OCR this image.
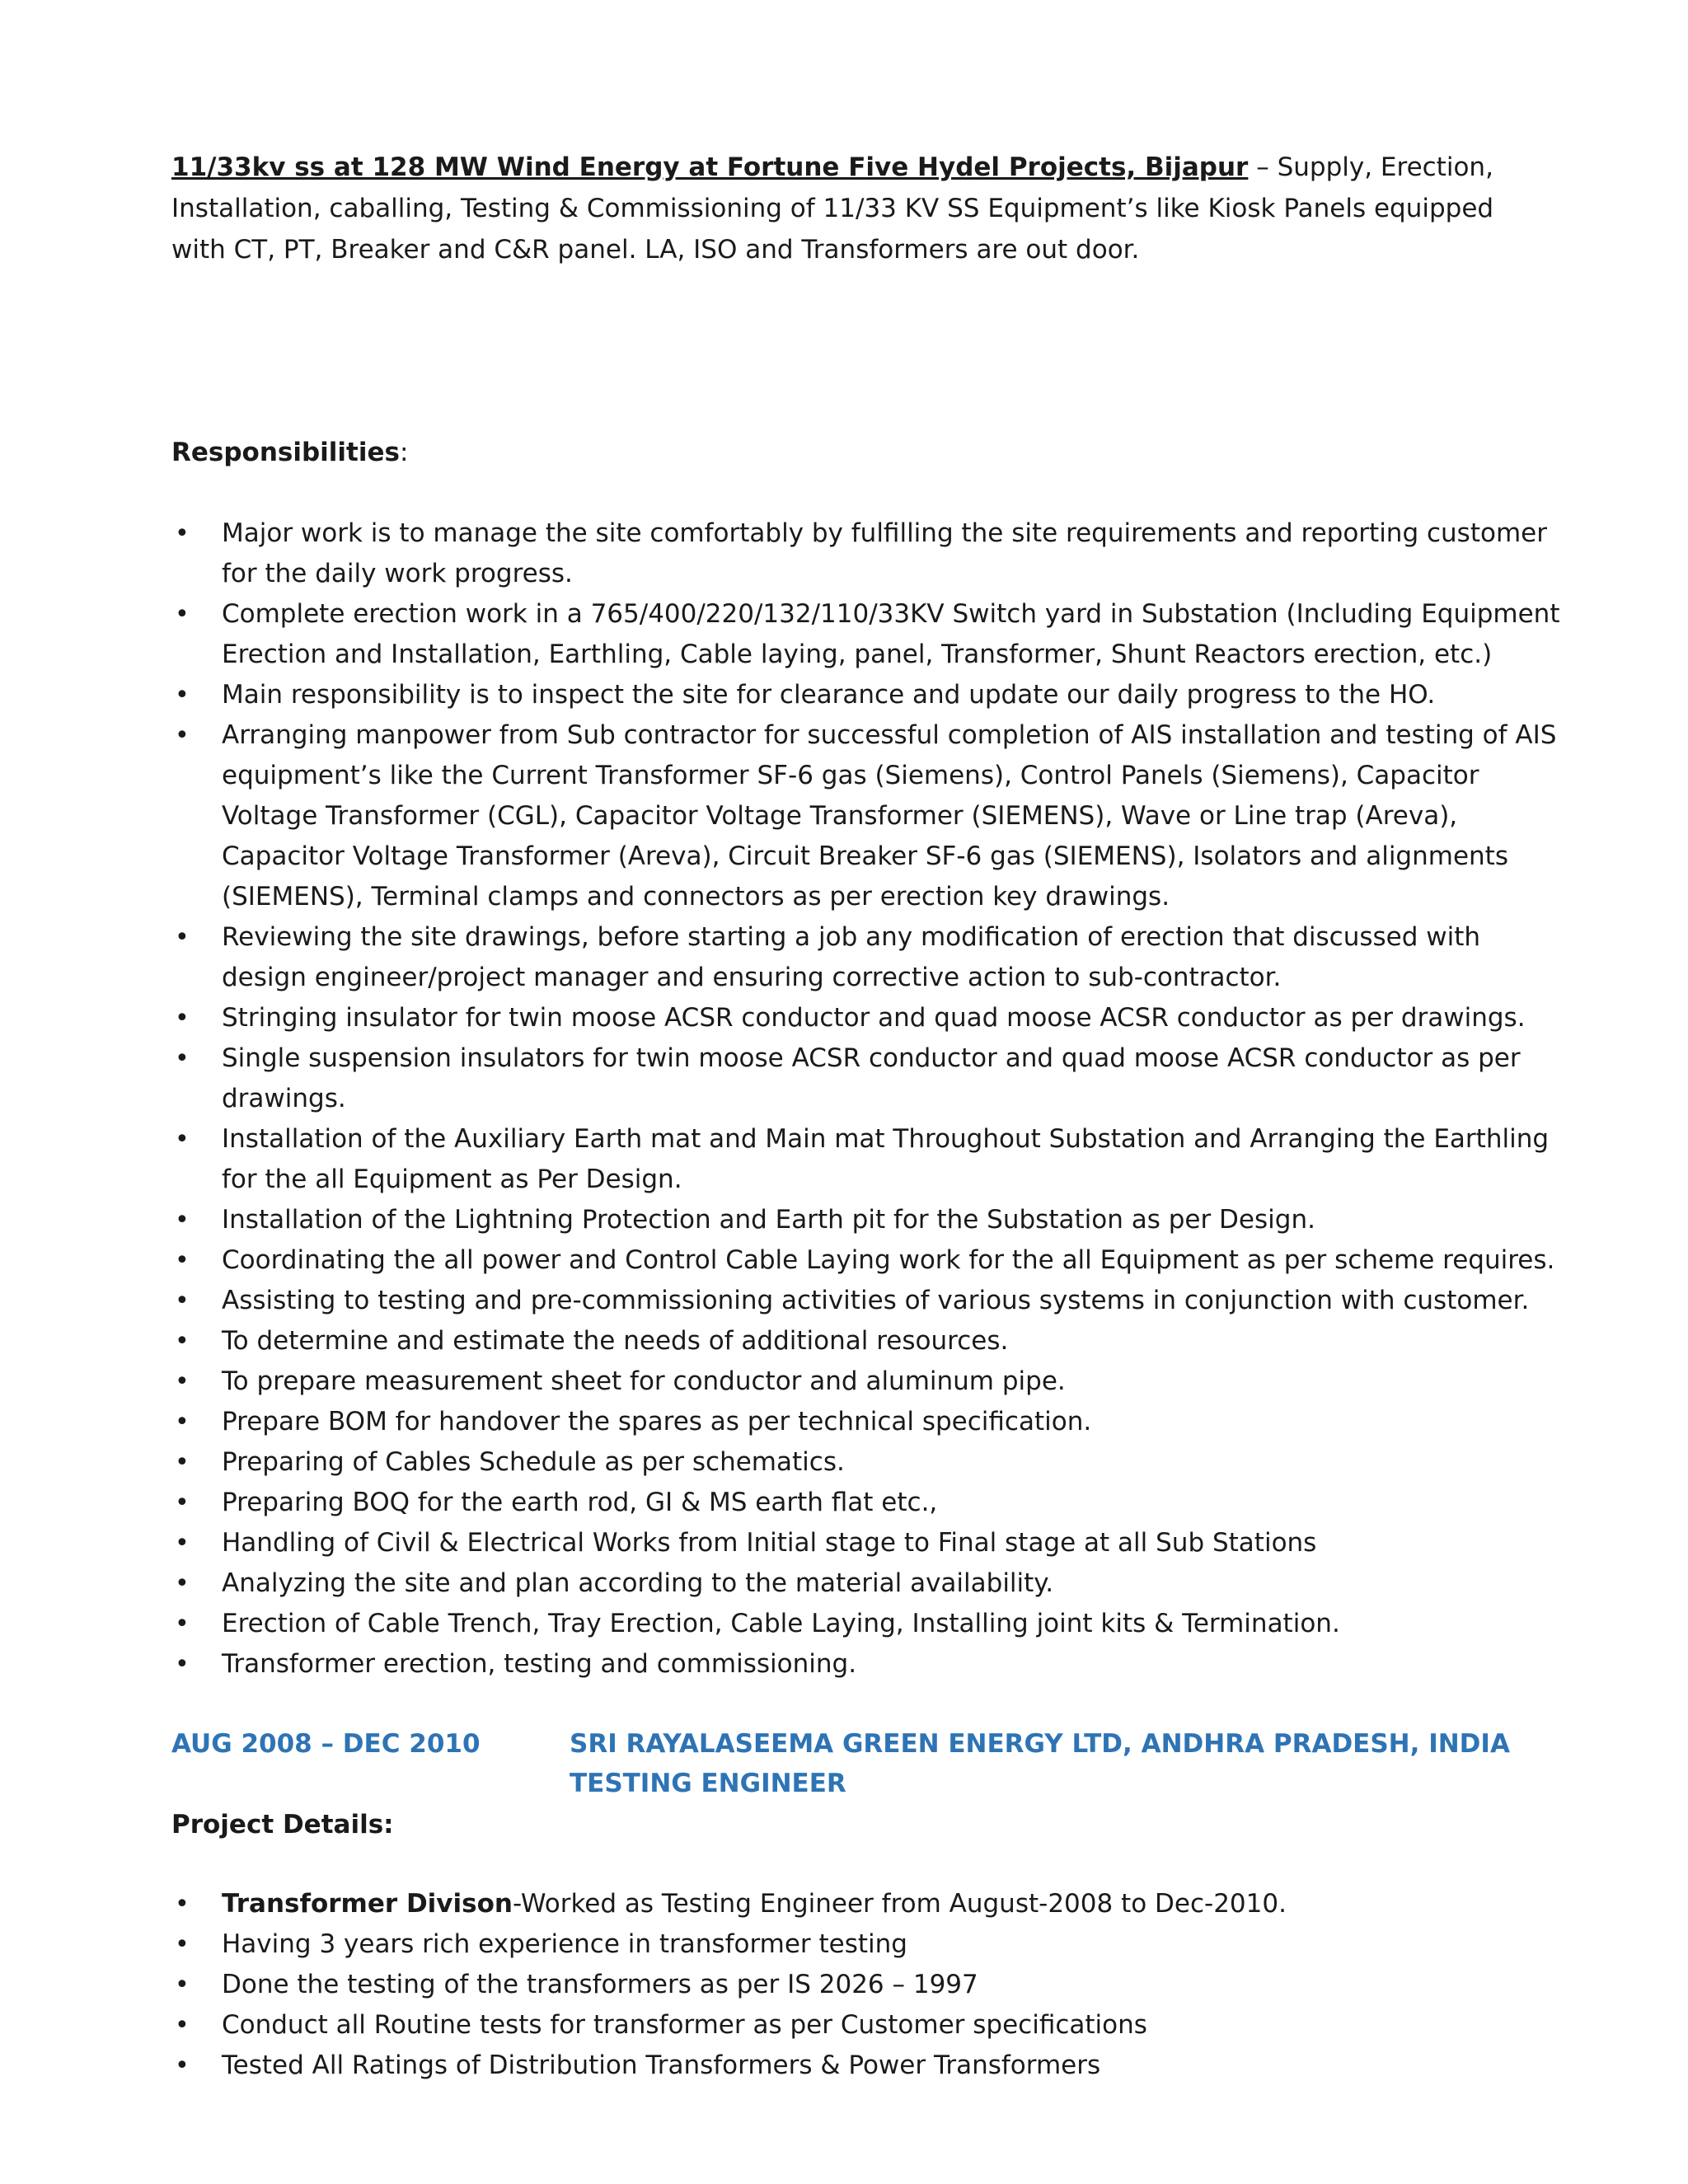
11/33kv ss at 128 MW Wind Energy at Fortune Five Hydel Projects, Bijapur – Supply, Erection, Installation, caballing, Testing & Commissioning of 11/33 KV SS Equipment’s like Kiosk Panels equipped with CT, PT, Breaker and C&R panel. LA, ISO and Transformers are out door.
Responsibilities:
• Major work is to manage the site comfortably by fulfilling the site requirements and reporting customer for the daily work progress.
• Complete erection work in a 765/400/220/132/110/33KV Switch yard in Substation (Including Equipment Erection and Installation, Earthling, Cable laying, panel, Transformer, Shunt Reactors erection, etc.)
• Main responsibility is to inspect the site for clearance and update our daily progress to the HO.
• Arranging manpower from Sub contractor for successful completion of AIS installation and testing of AIS equipment’s like the Current Transformer SF-6 gas (Siemens), Control Panels (Siemens), Capacitor Voltage Transformer (CGL), Capacitor Voltage Transformer (SIEMENS), Wave or Line trap (Areva), Capacitor Voltage Transformer (Areva), Circuit Breaker SF-6 gas (SIEMENS), Isolators and alignments (SIEMENS), Terminal clamps and connectors as per erection key drawings.
• Reviewing the site drawings, before starting a job any modification of erection that discussed with design engineer/project manager and ensuring corrective action to sub-contractor.
• Stringing insulator for twin moose ACSR conductor and quad moose ACSR conductor as per drawings.
• Single suspension insulators for twin moose ACSR conductor and quad moose ACSR conductor as per drawings.
• Installation of the Auxiliary Earth mat and Main mat Throughout Substation and Arranging the Earthling for the all Equipment as Per Design.
• Installation of the Lightning Protection and Earth pit for the Substation as per Design.
• Coordinating the all power and Control Cable Laying work for the all Equipment as per scheme requires.
• Assisting to testing and pre-commissioning activities of various systems in conjunction with customer.
• To determine and estimate the needs of additional resources.
• To prepare measurement sheet for conductor and aluminum pipe.
• Prepare BOM for handover the spares as per technical specification.
• Preparing of Cables Schedule as per schematics.
• Preparing BOQ for the earth rod, GI & MS earth flat etc.,
• Handling of Civil & Electrical Works from Initial stage to Final stage at all Sub Stations
• Analyzing the site and plan according to the material availability.
• Erection of Cable Trench, Tray Erection, Cable Laying, Installing joint kits & Termination.
• Transformer erection, testing and commissioning.
AUG 2008 – DEC 2010	SRI RAYALASEEMA GREEN ENERGY LTD, ANDHRA PRADESH, INDIA
TESTING ENGINEER
Project Details:
• Transformer Divison-Worked as Testing Engineer from August-2008 to Dec-2010.
• Having 3 years rich experience in transformer testing
• Done the testing of the transformers as per IS 2026 – 1997
• Conduct all Routine tests for transformer as per Customer specifications
• Tested All Ratings of Distribution Transformers & Power Transformers
